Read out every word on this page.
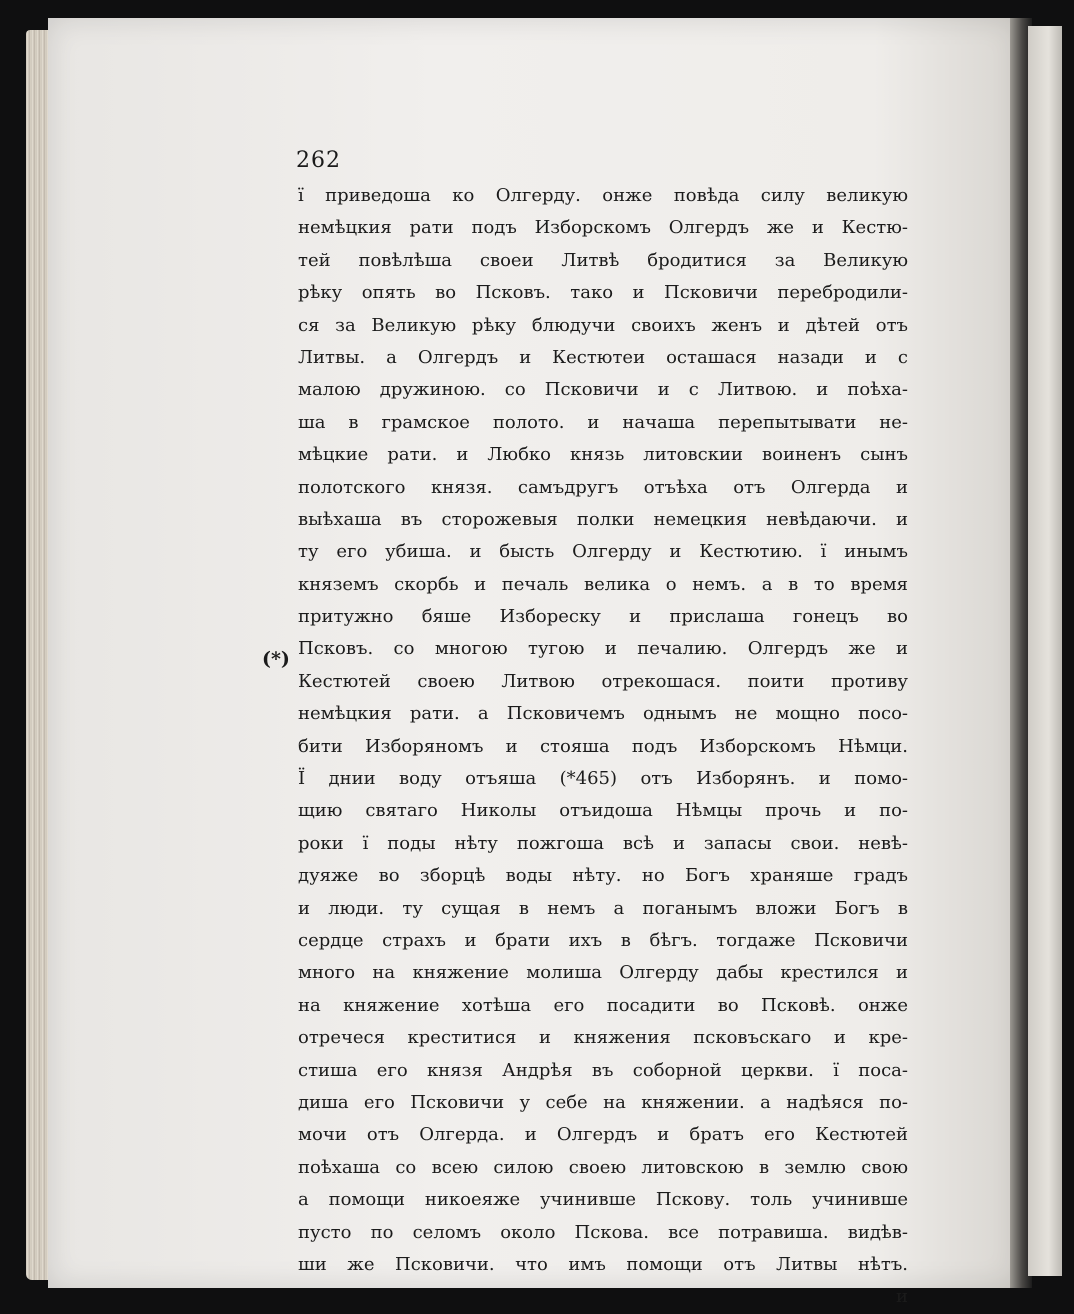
262
(*)
ї приведоша ко Олгерду. онже повѣда силу великую
немѣцкия рати подъ Изборскомъ Олгердъ же и Кестю-
тей повѣлѣша своеи Литвѣ бродитися за Великую
рѣку опять во Псковъ. тако и Псковичи перебродили-
ся за Великую рѣку блюдучи своихъ женъ и дѣтей отъ
Литвы. а Олгердъ и Кестютеи осташася назади и с
малою дружиною. со Псковичи и с Литвою. и поѣха-
ша в грамское полото. и начаша перепытывати не-
мѣцкие рати. и Любко князь литовскии воиненъ сынъ
полотского князя. самъдругъ отъѣха отъ Олгерда и
выѣхаша въ сторожевыя полки немецкия невѣдаючи. и
ту его убиша. и бысть Олгерду и Кестютию. ї инымъ
княземъ скорбь и печаль велика о немъ. а в то время
притужно бяше Избореску и прислаша гонецъ во
Псковъ. со многою тугою и печалию. Олгердъ же и
Кестютей своею Литвою отрекошася. поити противу
немѣцкия рати. а Псковичемъ однымъ не мощно посо-
бити Изборяномъ и стояша подъ Изборскомъ Нѣмци.
Ї днии воду отъяша (*465) отъ Изборянъ. и помо-
щию святаго Николы отъидоша Нѣмцы прочь и по-
роки ї поды нѣту пожгоша всѣ и запасы свои. невѣ-
дуяже во зборцѣ воды нѣту. но Богъ храняше градъ
и люди. ту сущая в немъ а поганымъ вложи Богъ в
сердце страхъ и брати ихъ в бѣгъ. тогдаже Псковичи
много на княжение молиша Олгерду дабы крестился и
на княжение хотѣша его посадити во Псковѣ. онже
отречеся креститися и княжения псковъскаго и кре-
стиша его князя Андрѣя въ соборной церкви. ї поса-
диша его Псковичи у себе на княжении. а надѣяся по-
мочи отъ Олгерда. и Олгердъ и братъ его Кестютей
поѣхаша со всею силою своею литовскою в землю свою
а помощи никоеяже учинивше Пскову. толь учинивше
пусто по селомъ около Пскова. все потравиша. видѣв-
ши же Псковичи. что имъ помощи отъ Литвы нѣтъ.
и
